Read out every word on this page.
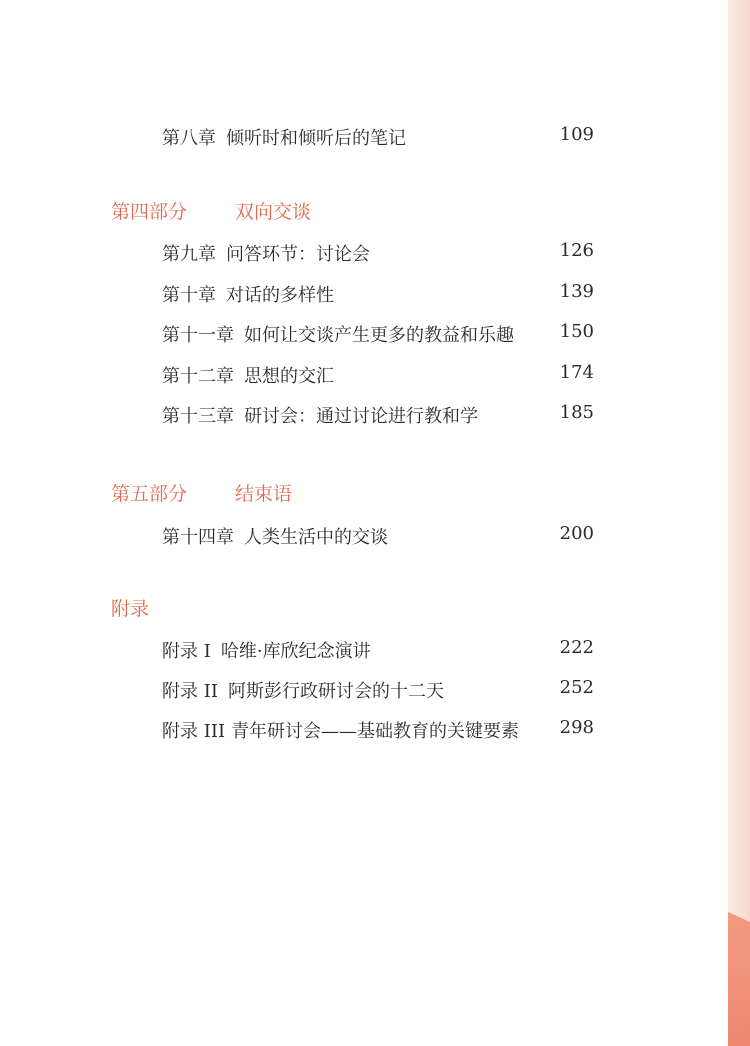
第八章 倾听时和倾听后的笔记	109
第四部分	双向交谈
第九章 问答环节：讨论会	126
第十章 对话的多样性	139
第十一章 如何让交谈产生更多的教益和乐趣	150
第十二章 思想的交汇	174
第十三章 研讨会：通过讨论进行教和学	185
第五部分	结束语
第十四章 人类生活中的交谈	200
附录
附录 I 哈维·库欣纪念演讲	222
附录 II 阿斯彭行政研讨会的十二天	252
附录 III 青年研讨会——基础教育的关键要素 298
